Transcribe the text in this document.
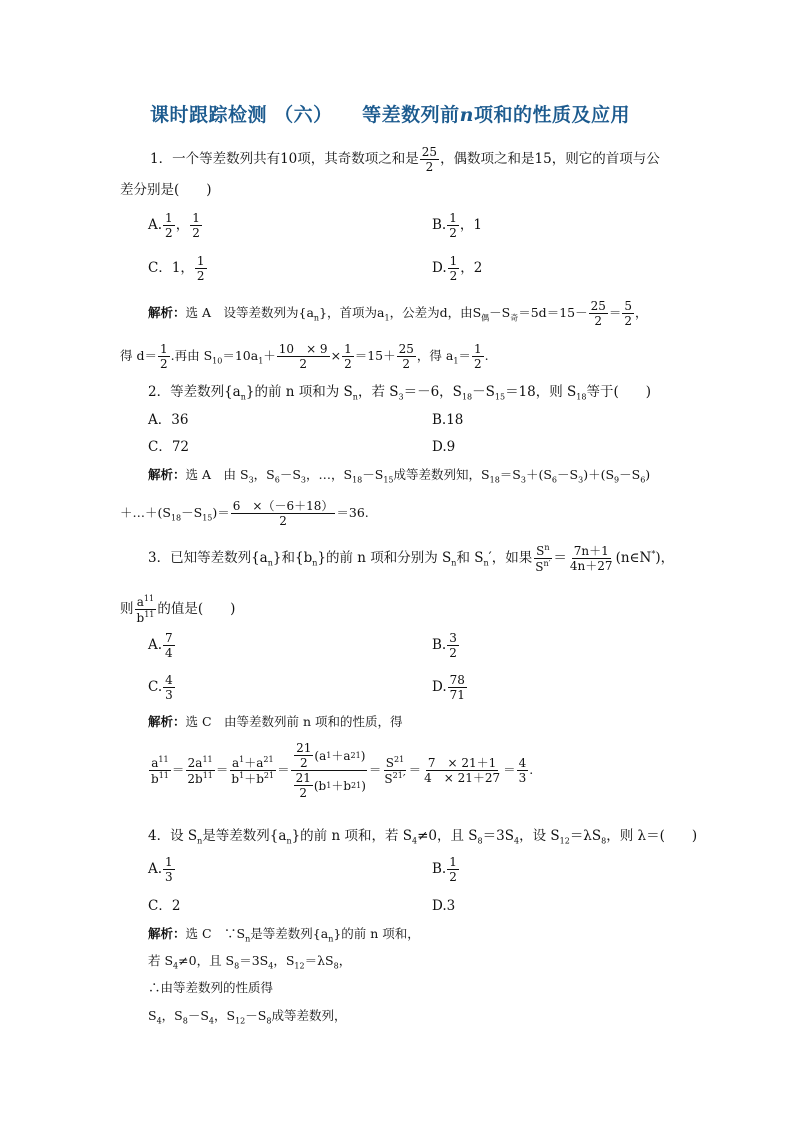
课时跟踪检测 （六）　　 等差数列前n项和的性质及应用
1．一个等差数列共有10项，其奇数项之和是 $\frac{25}{2}$ ，偶数项之和是15，则它的首项与公
差分别是(　　)
A. $\frac{1}{2}$ ， $\frac{1}{2}$	B. $\frac{1}{2}$ ，1
C．1， $\frac{1}{2}$	D. $\frac{1}{2}$ ，2
解析：选 A　设等差数列为$\{a_n\}$，首项为$a_1$，公差为d，由$S_偶-S_奇=5d=15- \frac{25}{2} = \frac{5}{2}$ ，
得 $d= \frac{1}{2}$ .再由 $S_{10}=10a_1+ \frac{10 \times 9}{2} \times \frac{1}{2} =15+ \frac{25}{2}$ ，得 $a_1= \frac{1}{2}$ .
2．等差数列$\{a_n\}$的前 n 项和为 $S_n$，若 $S_3=-6$，$S_{18}-S_{15}=18$，则 $S_{18}$等于(　　)
A．36	B.18
C．72	D.9
解析：选 A　由 $S_3$，$S_6-S_3$，…，$S_{18}-S_{15}$成等差数列知，$S_{18}=S_3+(S_6-S_3)+(S_9-S_6)$
$+\dots+(S_{18}-S_{15})= \frac{6 \times(-6+18)}{2} =36$.
3．已知等差数列$\{a_n\}$和$\{b_n\}$的前 n 项和分别为 $S_n$和 $S_n'$，如果 $\frac{S^n}{S^{n'}} = \frac{7n+1}{4n+27}$ (n∈N*)，
则 $\frac{a^{11}}{b^{11}}$ 的值是(　　)
A. $\frac{7}{4}$	B. $\frac{3}{2}$
C. $\frac{4}{3}$	D. $\frac{78}{71}$
解析：选 C　由等差数列前 n 项和的性质，得
$\frac{a^{11}}{b^{11}} = \frac{2a^{11}}{2b^{11}} = \frac{a^1+a^{21}}{b^1+b^{21}} = \frac{\frac{21}{2} (a 1 +a 21 )}{\frac{21}{2} (b 1 +b 21 )} = \frac{S^{21}}{S^{21}'} = \frac{7 \times 21+1}{4 \times 21+27} = \frac{4}{3}$ .
4．设 $S_n$是等差数列$\{a_n\}$的前 n 项和，若 $S_4\ne 0$，且 $S_8=3S_4$，设 $S_{12}=\lambda S_8$，则 λ＝(　　)
A. $\frac{1}{3}$	B. $\frac{1}{2}$
C．2	D.3
解析：选 C　$\because S_n$是等差数列$\{a_n\}$的前 n 项和，
若 $S_4\ne 0$，且 $S_8=3S_4$，$S_{12}=\lambda S_8$，
∴由等差数列的性质得
$S_4$，$S_8-S_4$，$S_{12}-S_8$成等差数列，
